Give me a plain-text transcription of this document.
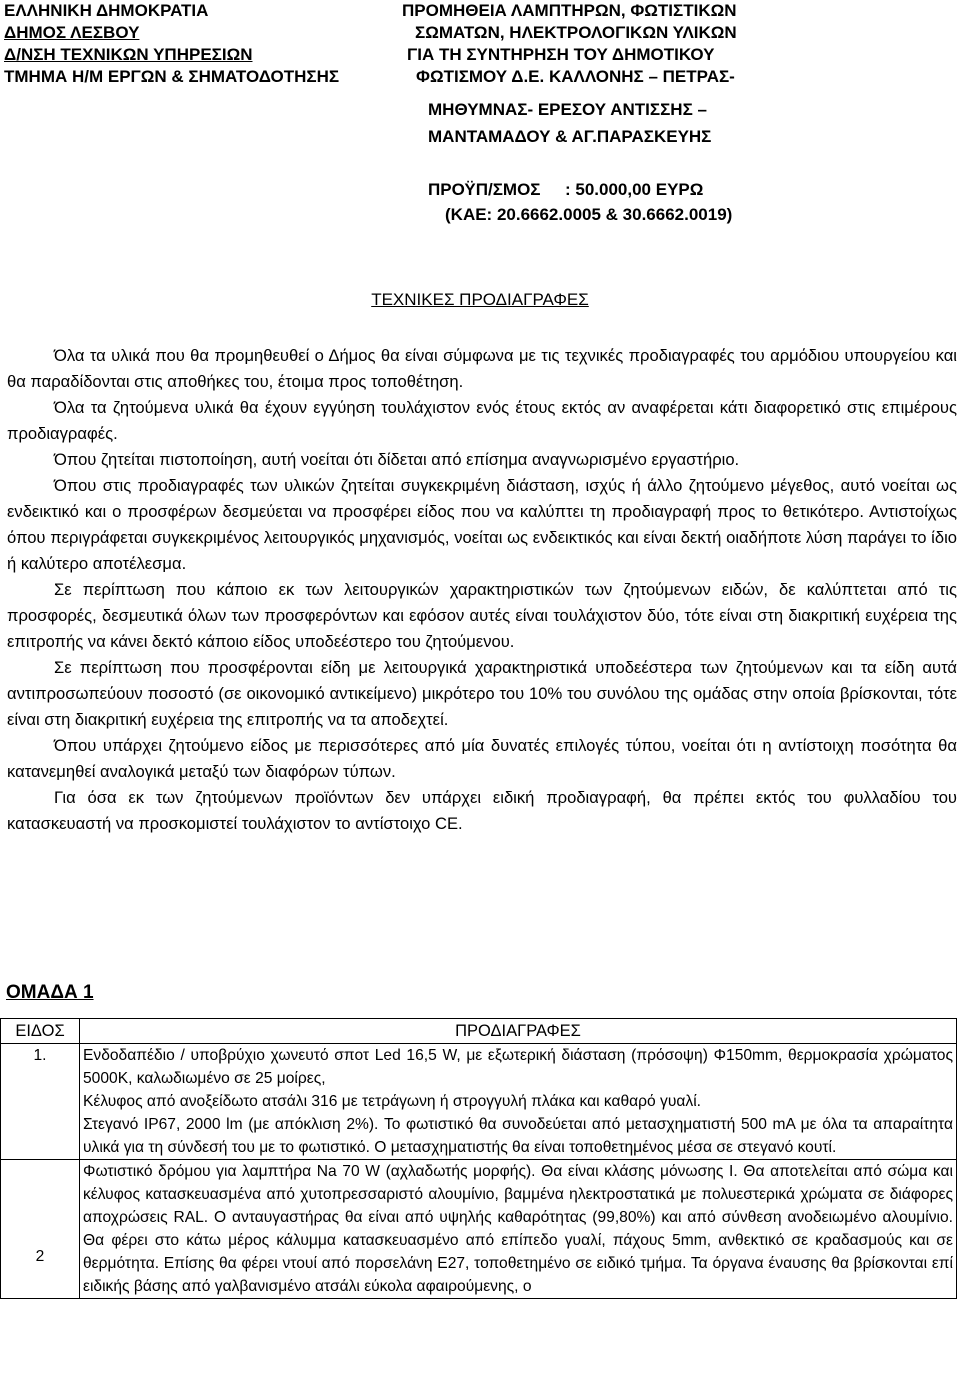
ΕΛΛΗΝΙΚΗ ΔΗΜΟΚΡΑΤΙΑ
ΔΗΜΟΣ ΛΕΣΒΟΥ
Δ/ΝΣΗ ΤΕΧΝΙΚΩΝ ΥΠΗΡΕΣΙΩΝ
ΤΜΗΜΑ Η/Μ ΕΡΓΩΝ & ΣΗΜΑΤΟΔΟΤΗΣΗΣ
ΠΡΟΜΗΘΕΙΑ ΛΑΜΠΤΗΡΩΝ, ΦΩΤΙΣΤΙΚΩΝ
ΣΩΜΑΤΩΝ, ΗΛΕΚΤΡΟΛΟΓΙΚΩΝ ΥΛΙΚΩΝ
ΓΙΑ ΤΗ ΣΥΝΤΗΡΗΣΗ ΤΟΥ ΔΗΜΟΤΙΚΟΥ
ΦΩΤΙΣΜΟΥ Δ.Ε. ΚΑΛΛΟΝΗΣ – ΠΕΤΡΑΣ-
ΜΗΘΥΜΝΑΣ- ΕΡΕΣΟΥ ΑΝΤΙΣΣΗΣ –
ΜΑΝΤΑΜΑΔΟΥ & ΑΓ.ΠΑΡΑΣΚΕΥΗΣ
ΠΡΟΫΠ/ΣΜΟΣ : 50.000,00 ΕΥΡΩ
(ΚΑΕ: 20.6662.0005 & 30.6662.0019)
ΤΕΧΝΙΚΕΣ ΠΡΟΔΙΑΓΡΑΦΕΣ

Όλα τα υλικά που θα προμηθευθεί ο Δήμος θα είναι σύμφωνα με τις τεχνικές προδιαγραφές του αρμόδιου υπουργείου και θα παραδίδονται στις αποθήκες του, έτοιμα προς τοποθέτηση.

Όλα τα ζητούμενα υλικά θα έχουν εγγύηση τουλάχιστον ενός έτους εκτός αν αναφέρεται κάτι διαφορετικό στις επιμέρους προδιαγραφές.

Όπου ζητείται πιστοποίηση, αυτή νοείται ότι δίδεται από επίσημα αναγνωρισμένο εργαστήριο.

Όπου στις προδιαγραφές των υλικών ζητείται συγκεκριμένη διάσταση, ισχύς ή άλλο ζητούμενο μέγεθος, αυτό νοείται ως ενδεικτικό και ο προσφέρων δεσμεύεται να προσφέρει είδος που να καλύπτει τη προδιαγραφή προς το θετικότερο. Αντιστοίχως όπου περιγράφεται συγκεκριμένος λειτουργικός μηχανισμός, νοείται ως ενδεικτικός και είναι δεκτή οιαδήποτε λύση παράγει το ίδιο ή καλύτερο αποτέλεσμα.

Σε περίπτωση που κάποιο εκ των λειτουργικών χαρακτηριστικών των ζητούμενων ειδών, δε καλύπτεται από τις προσφορές, δεσμευτικά όλων των προσφερόντων και εφόσον αυτές είναι τουλάχιστον δύο, τότε είναι στη διακριτική ευχέρεια της επιτροπής να κάνει δεκτό κάποιο είδος υποδεέστερο του ζητούμενου.

Σε περίπτωση που προσφέρονται είδη με λειτουργικά χαρακτηριστικά υποδεέστερα των ζητούμενων και τα είδη αυτά αντιπροσωπεύουν ποσοστό (σε οικονομικό αντικείμενο) μικρότερο του 10% του συνόλου της ομάδας στην οποία βρίσκονται, τότε είναι στη διακριτική ευχέρεια της επιτροπής να τα αποδεχτεί.

Όπου υπάρχει ζητούμενο είδος με περισσότερες από μία δυνατές επιλογές τύπου, νοείται ότι η αντίστοιχη ποσότητα θα κατανεμηθεί αναλογικά μεταξύ των διαφόρων τύπων.

Για όσα εκ των ζητούμενων προϊόντων δεν υπάρχει ειδική προδιαγραφή, θα πρέπει εκτός του φυλλαδίου του κατασκευαστή να προσκομιστεί τουλάχιστον το αντίστοιχο CE.

ΟΜΑΔΑ 1
ΕΙΔΟΣ	ΠΡΟΔΙΑΓΡΑΦΕΣ
1.	Ενδοδαπέδιο / υποβρύχιο χωνευτό σποτ Led 16,5 W, με εξωτερική διάσταση (πρόσοψη) Φ150mm, θερμοκρασία χρώματος 5000K, καλωδιωμένο σε 25 μοίρες,

Κέλυφος από ανοξείδωτο ατσάλι 316 με τετράγωνη ή στρογγυλή πλάκα και καθαρό γυαλί.

Στεγανό IP67, 2000 lm (με απόκλιση 2%). Το φωτιστικό θα συνοδεύεται από μετασχηματιστή 500 mA με όλα τα απαραίτητα υλικά για τη σύνδεσή του με το φωτιστικό. Ο μετασχηματιστής θα είναι τοποθετημένος μέσα σε στεγανό κουτί.

2	Φωτιστικό δρόμου για λαμπτήρα Na 70 W (αχλαδωτής μορφής). Θα είναι κλάσης μόνωσης I. Θα αποτελείται από σώμα και κέλυφος κατασκευασμένα από χυτοπρεσσαριστό αλουμίνιο, βαμμένα ηλεκτροστατικά με πολυεστερικά χρώματα σε διάφορες αποχρώσεις RAL. Ο ανταυγαστήρας θα είναι από υψηλής καθαρότητας (99,80%) και από σύνθεση ανοδειωμένο αλουμίνιο. Θα φέρει στο κάτω μέρος κάλυμμα κατασκευασμένο από επίπεδο γυαλί, πάχους 5mm, ανθεκτικό σε κραδασμούς και σε θερμότητα. Επίσης θα φέρει ντουί από πορσελάνη E27, τοποθετημένο σε ειδικό τμήμα. Τα όργανα έναυσης θα βρίσκονται επί ειδικής βάσης από γαλβανισμένο ατσάλι εύκολα αφαιρούμενης, ο
